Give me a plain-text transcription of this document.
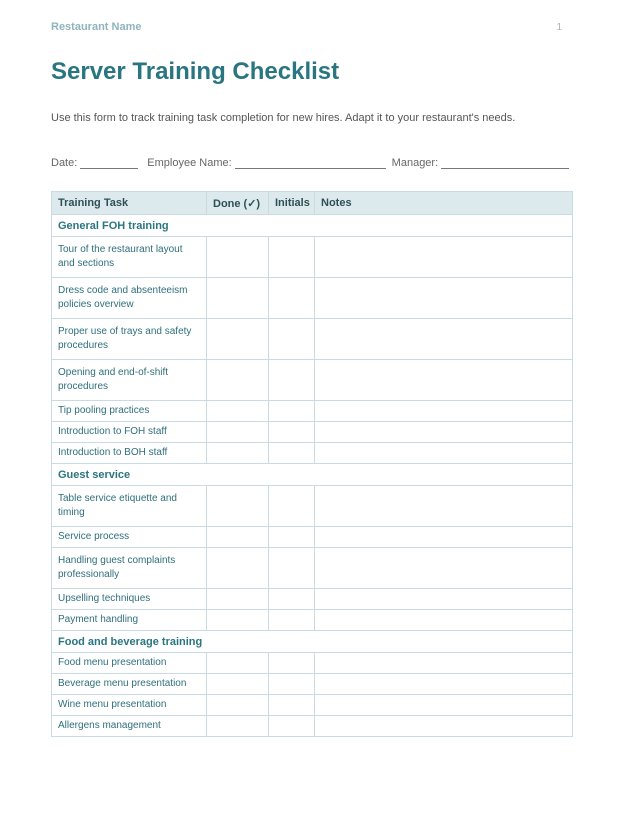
Restaurant Name	1
Server Training Checklist
Use this form to track training task completion for new hires. Adapt it to your restaurant's needs.
Date:	Employee Name:	Manager:
Training Task	Done (✓)	Initials	Notes
General FOH training			
Tour of the restaurant layout and sections			
Dress code and absenteeism policies overview			
Proper use of trays and safety procedures			
Opening and end-of-shift procedures			
Tip pooling practices			
Introduction to FOH staff			
Introduction to BOH staff			
Guest service			
Table service etiquette and timing			
Service process			
Handling guest complaints professionally			
Upselling techniques			
Payment handling			
Food and beverage training			
Food menu presentation			
Beverage menu presentation			
Wine menu presentation			
Allergens management			
